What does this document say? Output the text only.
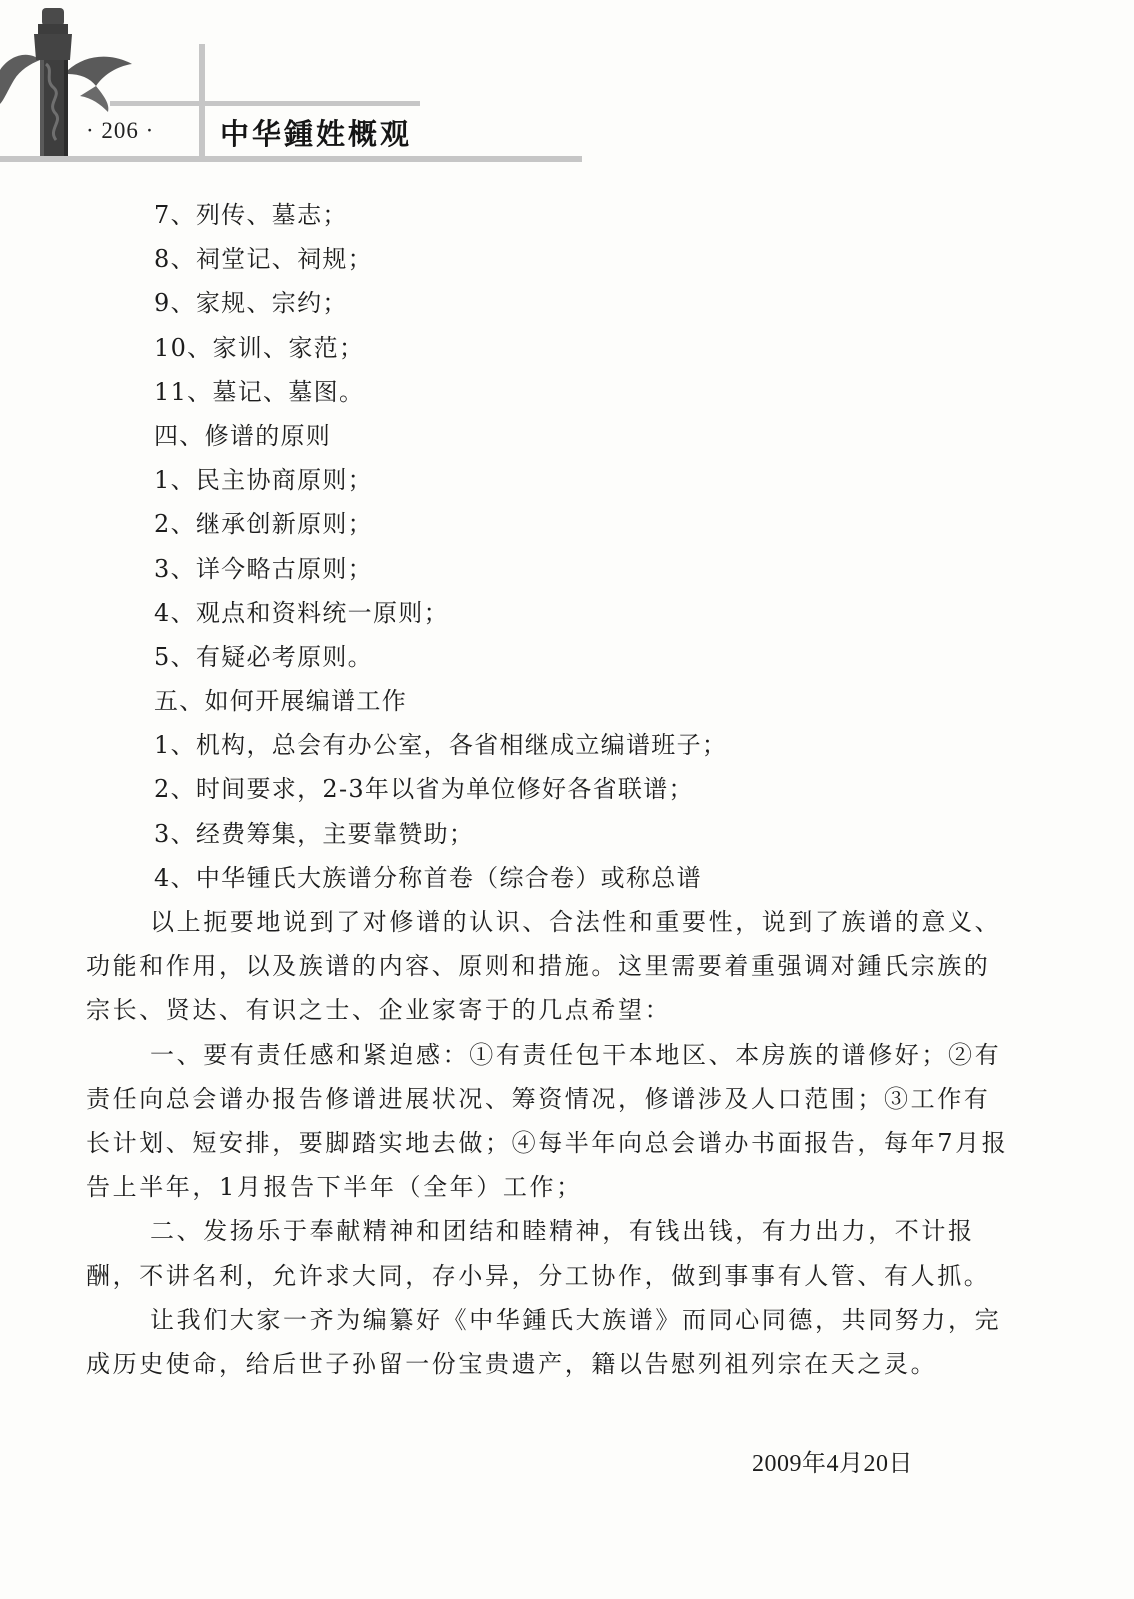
· 206 · 中华鍾姓概观
7、列传、墓志；
8、祠堂记、祠规；
9、家规、宗约；
10、家训、家范；
11、墓记、墓图。
四、修谱的原则
1、民主协商原则；
2、继承创新原则；
3、详今略古原则；
4、观点和资料统一原则；
5、有疑必考原则。
五、如何开展编谱工作
1、机构，总会有办公室，各省相继成立编谱班子；
2、时间要求，2-3年以省为单位修好各省联谱；
3、经费筹集，主要靠赞助；
4、中华锺氏大族谱分称首卷（综合卷）或称总谱
以上扼要地说到了对修谱的认识、合法性和重要性，说到了族谱的意义、
功能和作用，以及族谱的内容、原则和措施。这里需要着重强调对鍾氏宗族的
宗长、贤达、有识之士、企业家寄于的几点希望：
一、要有责任感和紧迫感：①有责任包干本地区、本房族的谱修好；②有
责任向总会谱办报告修谱进展状况、筹资情况，修谱涉及人口范围；③工作有
长计划、短安排，要脚踏实地去做；④每半年向总会谱办书面报告，每年7月报
告上半年，1月报告下半年（全年）工作；
二、发扬乐于奉献精神和团结和睦精神，有钱出钱，有力出力，不计报
酬，不讲名利，允许求大同，存小异，分工协作，做到事事有人管、有人抓。
让我们大家一齐为编纂好《中华鍾氏大族谱》而同心同德，共同努力，完
成历史使命，给后世子孙留一份宝贵遗产，籍以告慰列祖列宗在天之灵。
2009年4月20日
